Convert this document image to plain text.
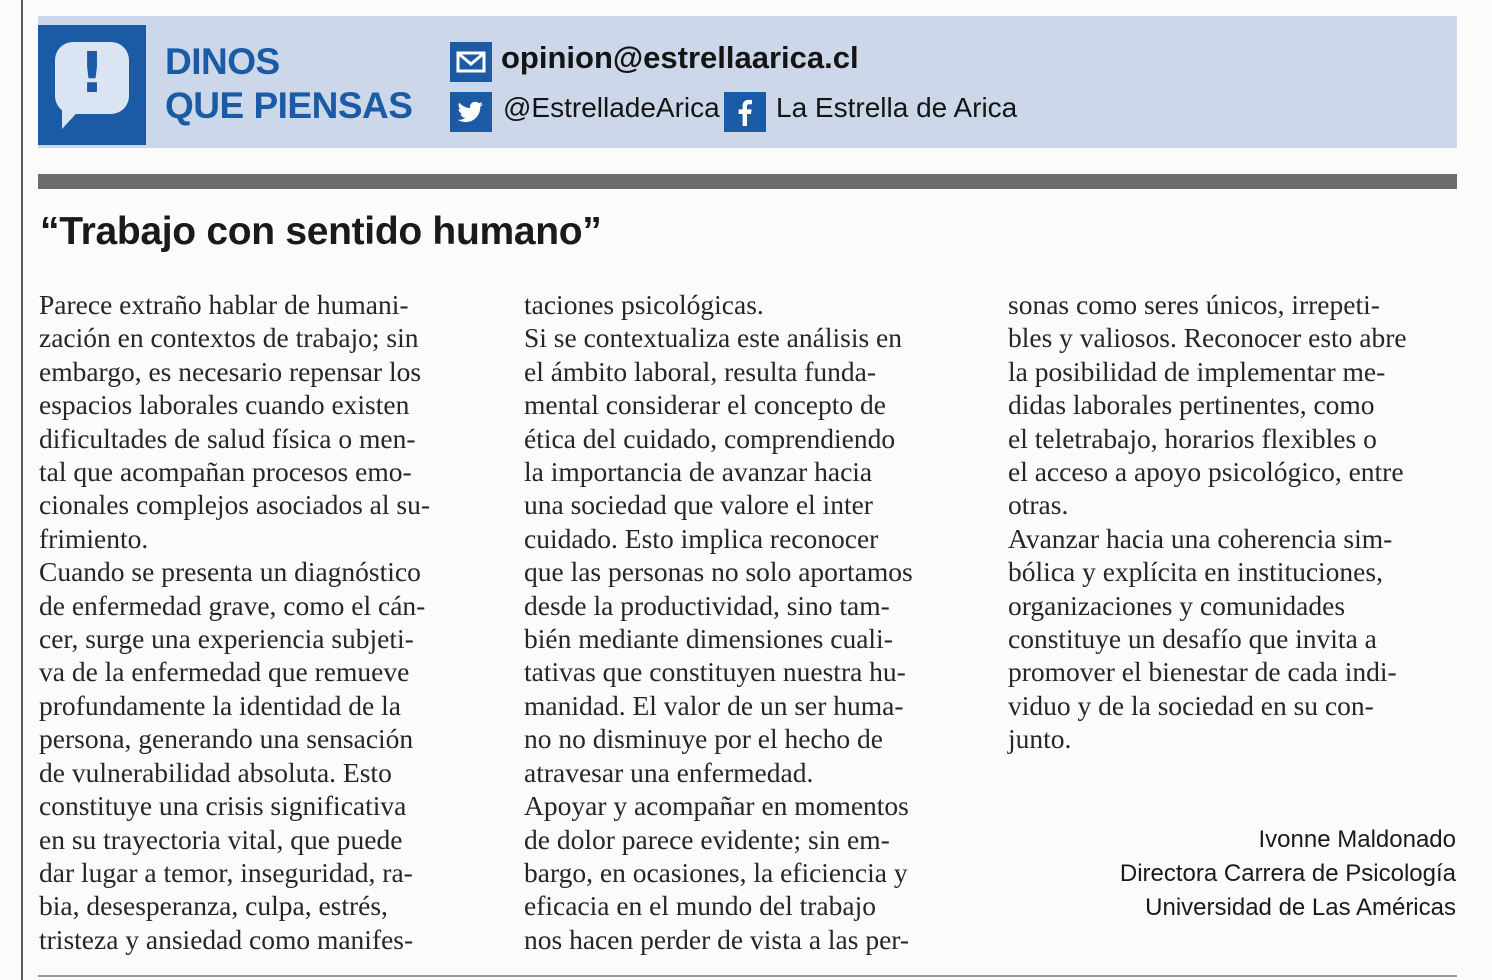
!	DINOS
QUE PIENSAS
opinion@estrellaarica.cl
@EstrelladeArica La Estrella de Arica
“Trabajo con sentido humano”
Parece extraño hablar de humani-
zación en contextos de trabajo; sin
embargo, es necesario repensar los
espacios laborales cuando existen
dificultades de salud física o men-
tal que acompañan procesos emo-
cionales complejos asociados al su-
frimiento.
Cuando se presenta un diagnóstico
de enfermedad grave, como el cán-
cer, surge una experiencia subjeti-
va de la enfermedad que remueve
profundamente la identidad de la
persona, generando una sensación
de vulnerabilidad absoluta. Esto
constituye una crisis significativa
en su trayectoria vital, que puede
dar lugar a temor, inseguridad, ra-
bia, desesperanza, culpa, estrés,
tristeza y ansiedad como manifes-
taciones psicológicas.
Si se contextualiza este análisis en
el ámbito laboral, resulta funda-
mental considerar el concepto de
ética del cuidado, comprendiendo
la importancia de avanzar hacia
una sociedad que valore el inter
cuidado. Esto implica reconocer
que las personas no solo aportamos
desde la productividad, sino tam-
bién mediante dimensiones cuali-
tativas que constituyen nuestra hu-
manidad. El valor de un ser huma-
no no disminuye por el hecho de
atravesar una enfermedad.
Apoyar y acompañar en momentos
de dolor parece evidente; sin em-
bargo, en ocasiones, la eficiencia y
eficacia en el mundo del trabajo
nos hacen perder de vista a las per-
sonas como seres únicos, irrepeti-
bles y valiosos. Reconocer esto abre
la posibilidad de implementar me-
didas laborales pertinentes, como
el teletrabajo, horarios flexibles o
el acceso a apoyo psicológico, entre
otras.
Avanzar hacia una coherencia sim-
bólica y explícita en instituciones,
organizaciones y comunidades
constituye un desafío que invita a
promover el bienestar de cada indi-
viduo y de la sociedad en su con-
junto.
Ivonne Maldonado
Directora Carrera de Psicología
Universidad de Las Américas
